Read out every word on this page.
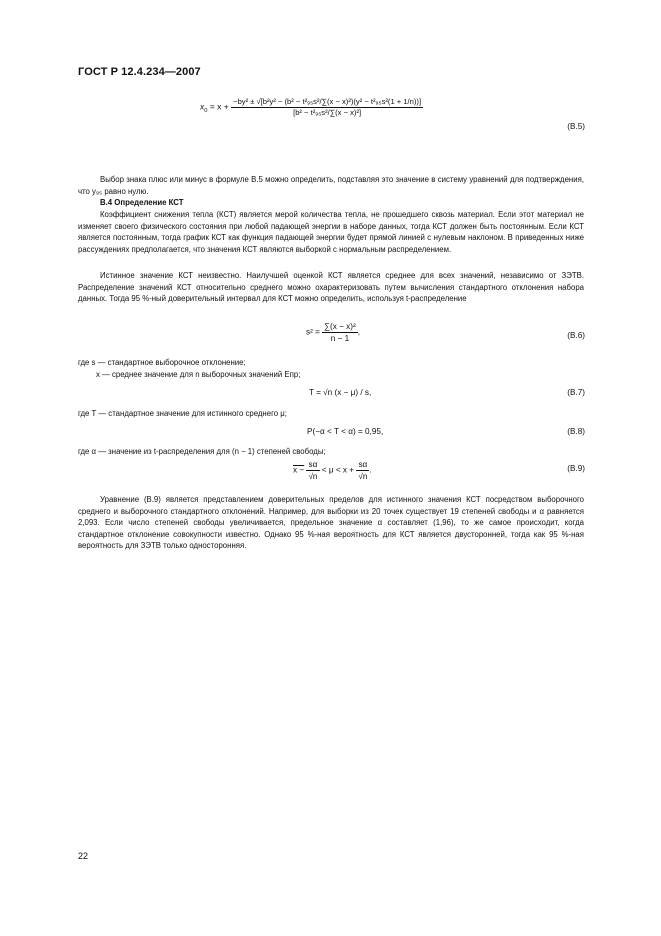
ГОСТ Р 12.4.234—2007
$x_0 = x + -by^2 \pm √[b^2y^2 - (b^2 - t^2_{95}s^2/\sum(x - x)^2)(y^2 - t^2_{95}s^2(1 + 1/n))]$
[b² − t²₉₅s²/∑(x − x)²]
(В.5)

Выбор знака плюс или минус в формуле В.5 можно определить, подставляя это значение в систему уравнений для подтверждения, что y₉₅ равно нулю.

В.4 Определение КСТ

Коэффициент снижения тепла (КСТ) является мерой количества тепла, не прошедшего сквозь материал. Если этот материал не изменяет своего физического состояния при любой падающей энергии в наборе данных, тогда КСТ должен быть постоянным. Если КСТ является постоянным, тогда график КСТ как функция падающей энергии будет прямой линией с нулевым наклоном. В приведенных ниже рассуждениях предполагается, что значения КСТ являются выборкой с нормальным распределением.

Истинное значение КСТ неизвестно. Наилучшей оценкой КСТ является среднее для всех значений, независимо от ЗЭТВ. Распределение значений КСТ относительно среднего можно охарактеризовать путем вычисления стандартного отклонения набора данных. Тогда 95 %-ный доверительный интервал для КСТ можно определить, используя t-распределение

$s^2 = \frac{\text{∑(x − x)²}}{n - 1}$ ,	(В.6)
где s — стандартное выборочное отклонение;
x — среднее значение для n выборочных значений Eпр;
T = √n (x − μ) / s,	(В.7)
где T — стандартное значение для истинного среднего μ;
P(−α < T < α) = 0,95,	(В.8)
где α — значение из t-распределения для (n − 1) степеней свободы;
$x - \frac{s\alpha}{√n} < \mu < x + \frac{s\alpha}{√n}$ .	(В.9)

Уравнение (В.9) является представлением доверительных пределов для истинного значения КСТ посредством выборочного среднего и выборочного стандартного отклонений. Например, для выборки из 20 точек существует 19 степеней свободы и α равняется 2,093. Если число степеней свободы увеличивается, предельное значение α составляет (1,96), то же самое происходит, когда стандартное отклонение совокупности известно. Однако 95 %-ная вероятность для КСТ является двусторонней, тогда как 95 %-ная вероятность для ЗЭТВ только односторонняя.

22
